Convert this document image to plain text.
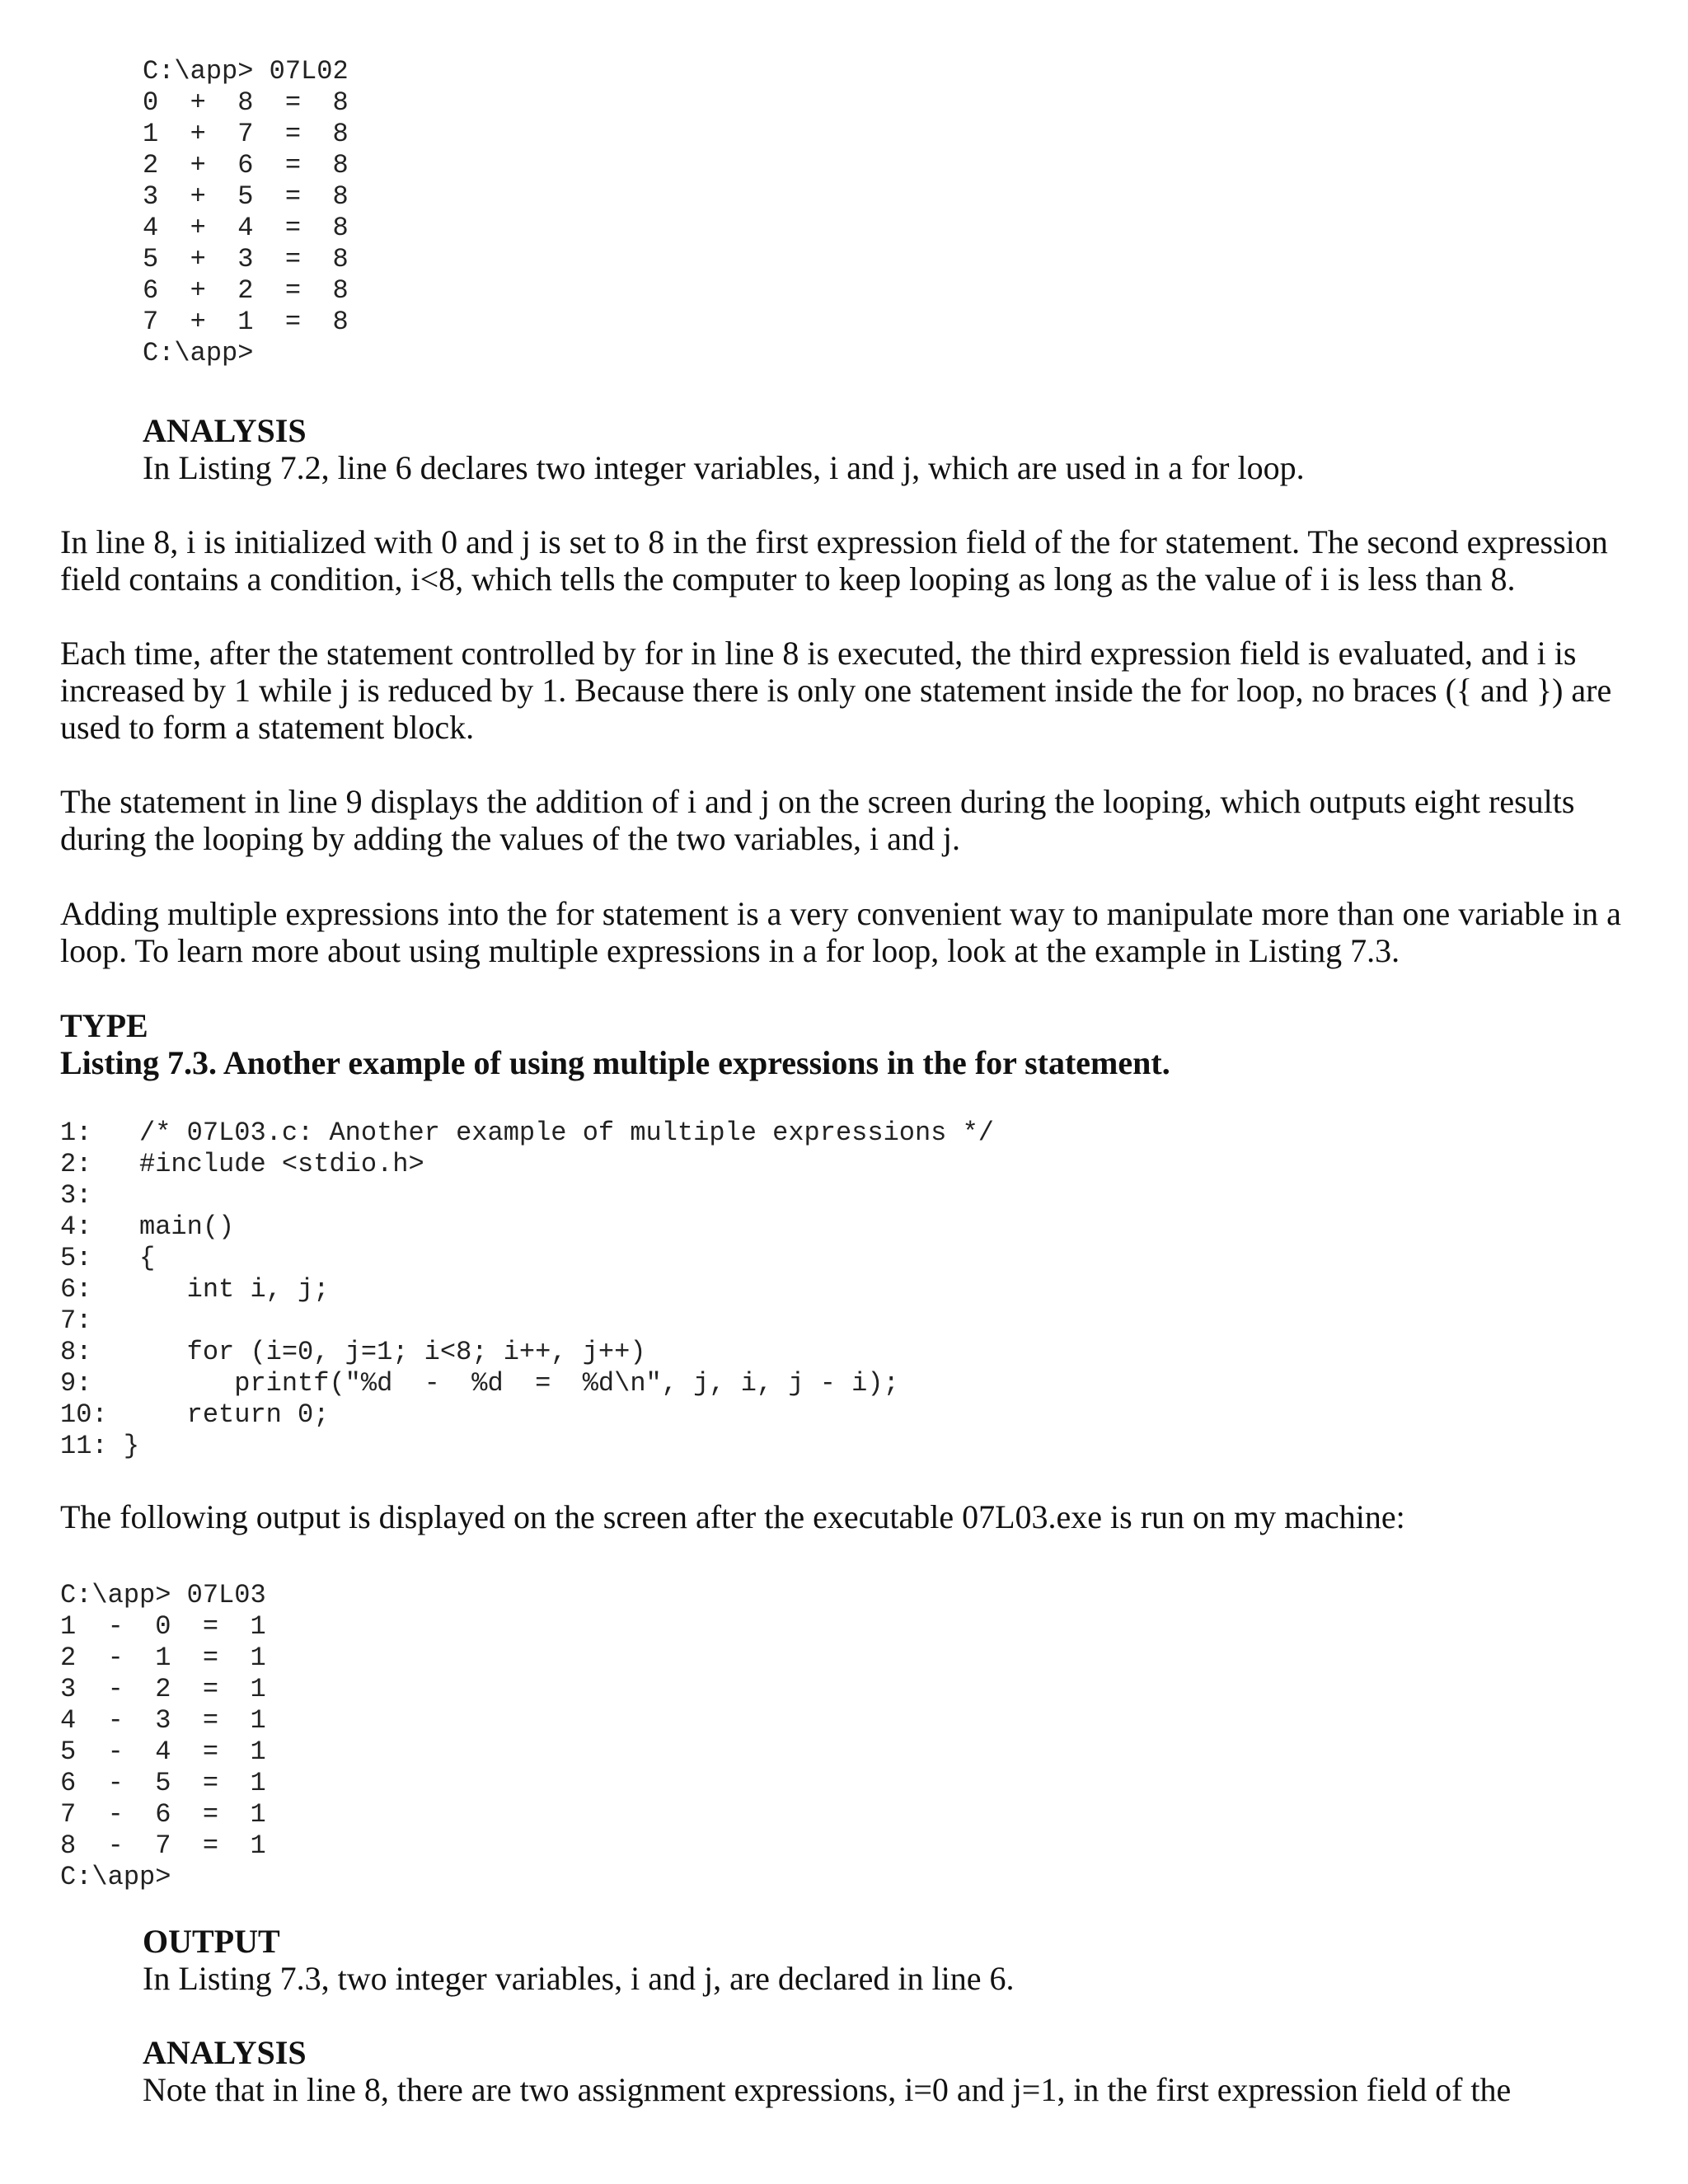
C:\app> 07L02
0  +  8  =  8
1  +  7  =  8
2  +  6  =  8
3  +  5  =  8
4  +  4  =  8
5  +  3  =  8
6  +  2  =  8
7  +  1  =  8
C:\app>

ANALYSIS

In Listing 7.2, line 6 declares two integer variables, i and j, which are used in a for loop.

In line 8, i is initialized with 0 and j is set to 8 in the first expression field of the for statement. The second expression field contains a condition, i<8, which tells the computer to keep looping as long as the value of i is less than 8.

Each time, after the statement controlled by for in line 8 is executed, the third expression field is evaluated, and i is increased by 1 while j is reduced by 1. Because there is only one statement inside the for loop, no braces ({ and }) are used to form a statement block.

The statement in line 9 displays the addition of i and j on the screen during the looping, which outputs eight results during the looping by adding the values of the two variables, i and j.

Adding multiple expressions into the for statement is a very convenient way to manipulate more than one variable in a loop. To learn more about using multiple expressions in a for loop, look at the example in Listing 7.3.

TYPE

Listing 7.3. Another example of using multiple expressions in the for statement.

1:   /* 07L03.c: Another example of multiple expressions */
2:   #include <stdio.h>
3:
4:   main()
5:   {
6:      int i, j;
7:
8:      for (i=0, j=1; i<8; i++, j++)
9:         printf("%d  -  %d  =  %d\n", j, i, j - i);
10:     return 0;
11: }

The following output is displayed on the screen after the executable 07L03.exe is run on my machine:

C:\app> 07L03
1  -  0  =  1
2  -  1  =  1
3  -  2  =  1
4  -  3  =  1
5  -  4  =  1
6  -  5  =  1
7  -  6  =  1
8  -  7  =  1
C:\app>

OUTPUT

In Listing 7.3, two integer variables, i and j, are declared in line 6.

ANALYSIS

Note that in line 8, there are two assignment expressions, i=0 and j=1, in the first expression field of the
